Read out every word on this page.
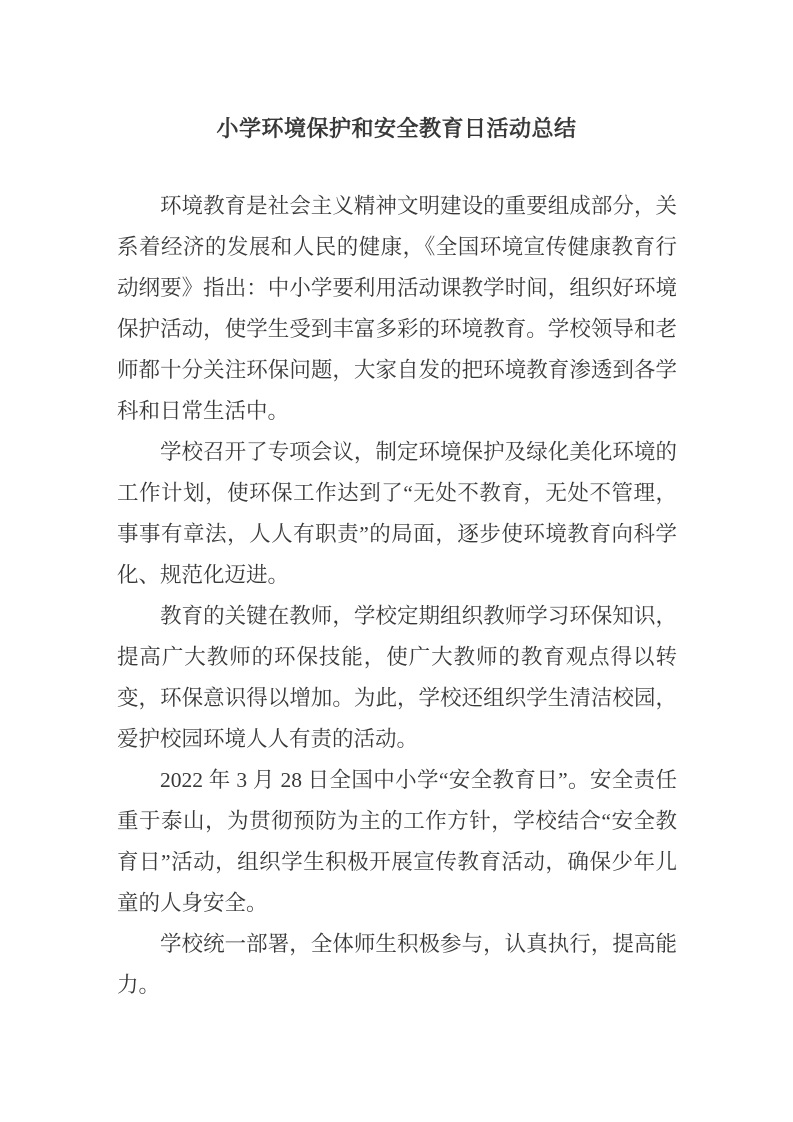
小学环境保护和安全教育日活动总结

环境教育是社会主义精神文明建设的重要组成部分，关系着经济的发展和人民的健康，《全国环境宣传健康教育行动纲要》指出：中小学要利用活动课教学时间，组织好环境保护活动，使学生受到丰富多彩的环境教育。学校领导和老师都十分关注环保问题，大家自发的把环境教育渗透到各学科和日常生活中。

学校召开了专项会议，制定环境保护及绿化美化环境的工作计划，使环保工作达到了“无处不教育，无处不管理，事事有章法，人人有职责”的局面，逐步使环境教育向科学化、规范化迈进。

教育的关键在教师，学校定期组织教师学习环保知识，提高广大教师的环保技能，使广大教师的教育观点得以转变，环保意识得以增加。为此，学校还组织学生清洁校园，爱护校园环境人人有责的活动。

2022 年 3 月 28 日全国中小学“安全教育日”。安全责任重于泰山，为贯彻预防为主的工作方针，学校结合“安全教育日”活动，组织学生积极开展宣传教育活动，确保少年儿童的人身安全。

学校统一部署，全体师生积极参与，认真执行，提高能力。
